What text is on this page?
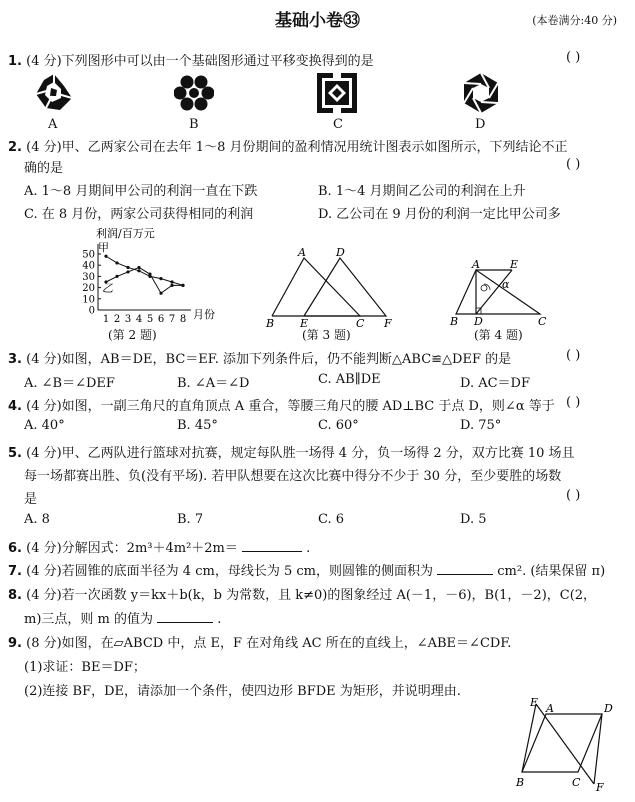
基础小卷㉝	(本卷满分:40 分)
1. (4 分)下列图形中可以由一个基础图形通过平移变换得到的是	( )
A	B	C	D
2. (4 分)甲、乙两家公司在去年 1～8 月份期间的盈利情况用统计图表示如图所示，下列结论不正
确的是	( )
A. 1～8 月期间甲公司的利润一直在下跌	B. 1～4 月期间乙公司的利润在上升
C. 在 8 月份，两家公司获得相同的利润	D. 乙公司在 9 月份的利润一定比甲公司多
利润/百万元
甲
50
40
30
20
10
0
1 2 3 4 5 6 7 8
乙
月份
(第 2 题)
A	D
B E	C F
(第 3 题)
A	E
B D	C
α
(第 4 题)
3. (4 分)如图，AB＝DE，BC＝EF. 添加下列条件后，仍不能判断△ABC≌△DEF 的是	( )
A. ∠B＝∠DEF	B. ∠A＝∠D	C. AB∥DE	D. AC＝DF
4. (4 分)如图，一副三角尺的直角顶点 A 重合，等腰三角尺的腰 AD⊥BC 于点 D，则∠α 等于 ( )
A. 40°	B. 45°	C. 60°	D. 75°
5. (4 分)甲、乙两队进行篮球对抗赛，规定每队胜一场得 4 分，负一场得 2 分，双方比赛 10 场且
每一场都赛出胜、负(没有平场). 若甲队想要在这次比赛中得分不少于 30 分，至少要胜的场数
是	( )
A. 8	B. 7	C. 6	D. 5
6. (4 分)分解因式：2m³＋4m²＋2m＝	.
7. (4 分)若圆锥的底面半径为 4 cm，母线长为 5 cm，则圆锥的侧面积为	cm². (结果保留 π)
8. (4 分)若一次函数 y＝kx＋b(k，b 为常数，且 k≠0)的图象经过 A(－1，－6)，B(1，－2)，C(2，
m)三点，则 m 的值为	.
9. (8 分)如图，在▱ABCD 中，点 E，F 在对角线 AC 所在的直线上，∠ABE＝∠CDF.
(1)求证：BE＝DF；
(2)连接 BF，DE，请添加一个条件，使四边形 BFDE 为矩形，并说明理由.
E A	D
B	C F
